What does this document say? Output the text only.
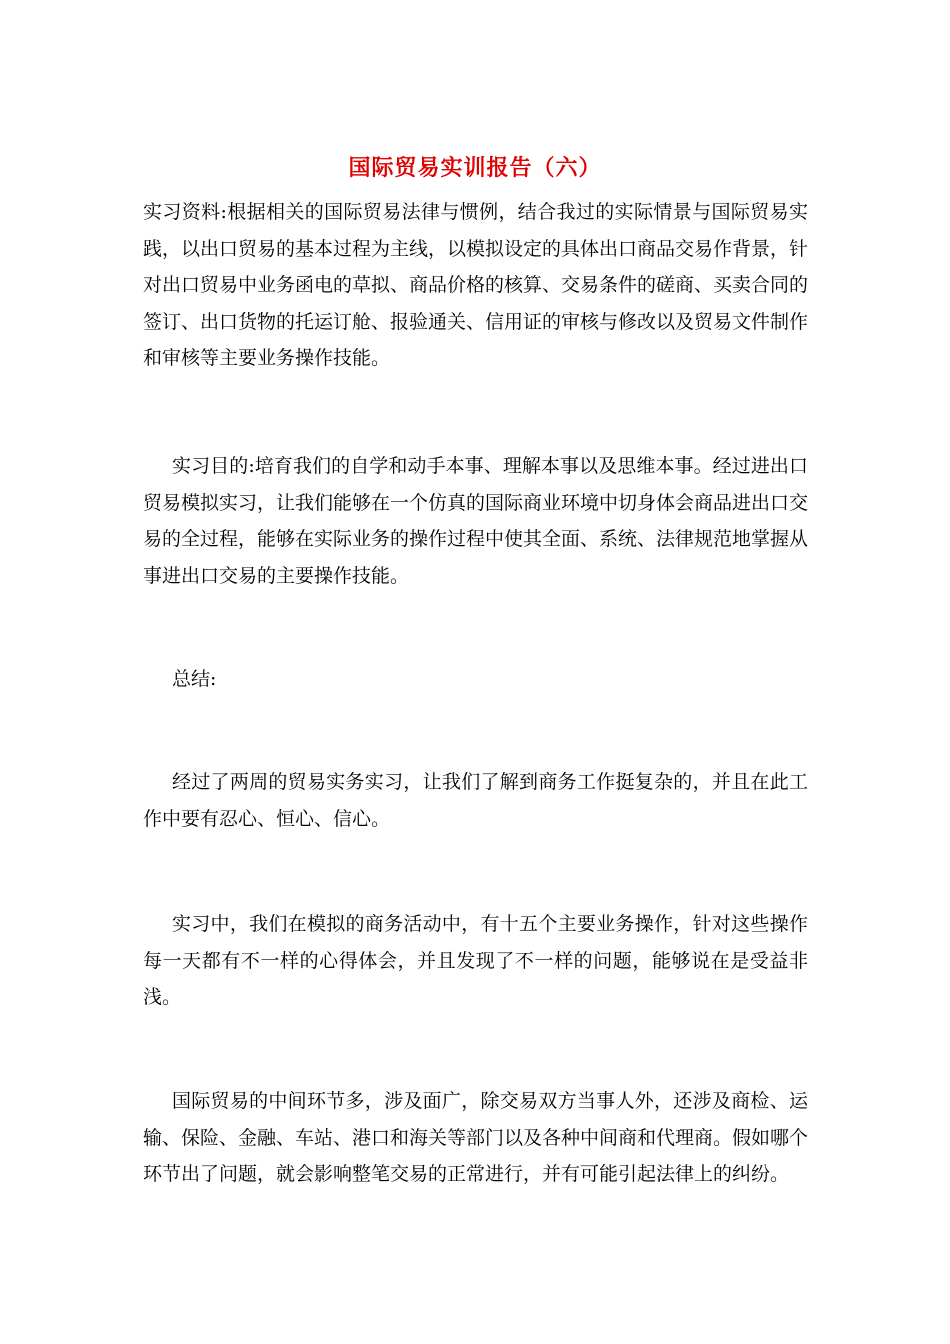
国际贸易实训报告（六）

实习资料:根据相关的国际贸易法律与惯例，结合我过的实际情景与国际贸易实践，以出口贸易的基本过程为主线，以模拟设定的具体出口商品交易作背景，针对出口贸易中业务函电的草拟、商品价格的核算、交易条件的磋商、买卖合同的签订、出口货物的托运订舱、报验通关、信用证的审核与修改以及贸易文件制作和审核等主要业务操作技能。

实习目的:培育我们的自学和动手本事、理解本事以及思维本事。经过进出口贸易模拟实习，让我们能够在一个仿真的国际商业环境中切身体会商品进出口交易的全过程，能够在实际业务的操作过程中使其全面、系统、法律规范地掌握从事进出口交易的主要操作技能。

总结:

经过了两周的贸易实务实习，让我们了解到商务工作挺复杂的，并且在此工作中要有忍心、恒心、信心。

实习中，我们在模拟的商务活动中，有十五个主要业务操作，针对这些操作每一天都有不一样的心得体会，并且发现了不一样的问题，能够说在是受益非浅。

国际贸易的中间环节多，涉及面广，除交易双方当事人外，还涉及商检、运输、保险、金融、车站、港口和海关等部门以及各种中间商和代理商。假如哪个环节出了问题，就会影响整笔交易的正常进行，并有可能引起法律上的纠纷。
